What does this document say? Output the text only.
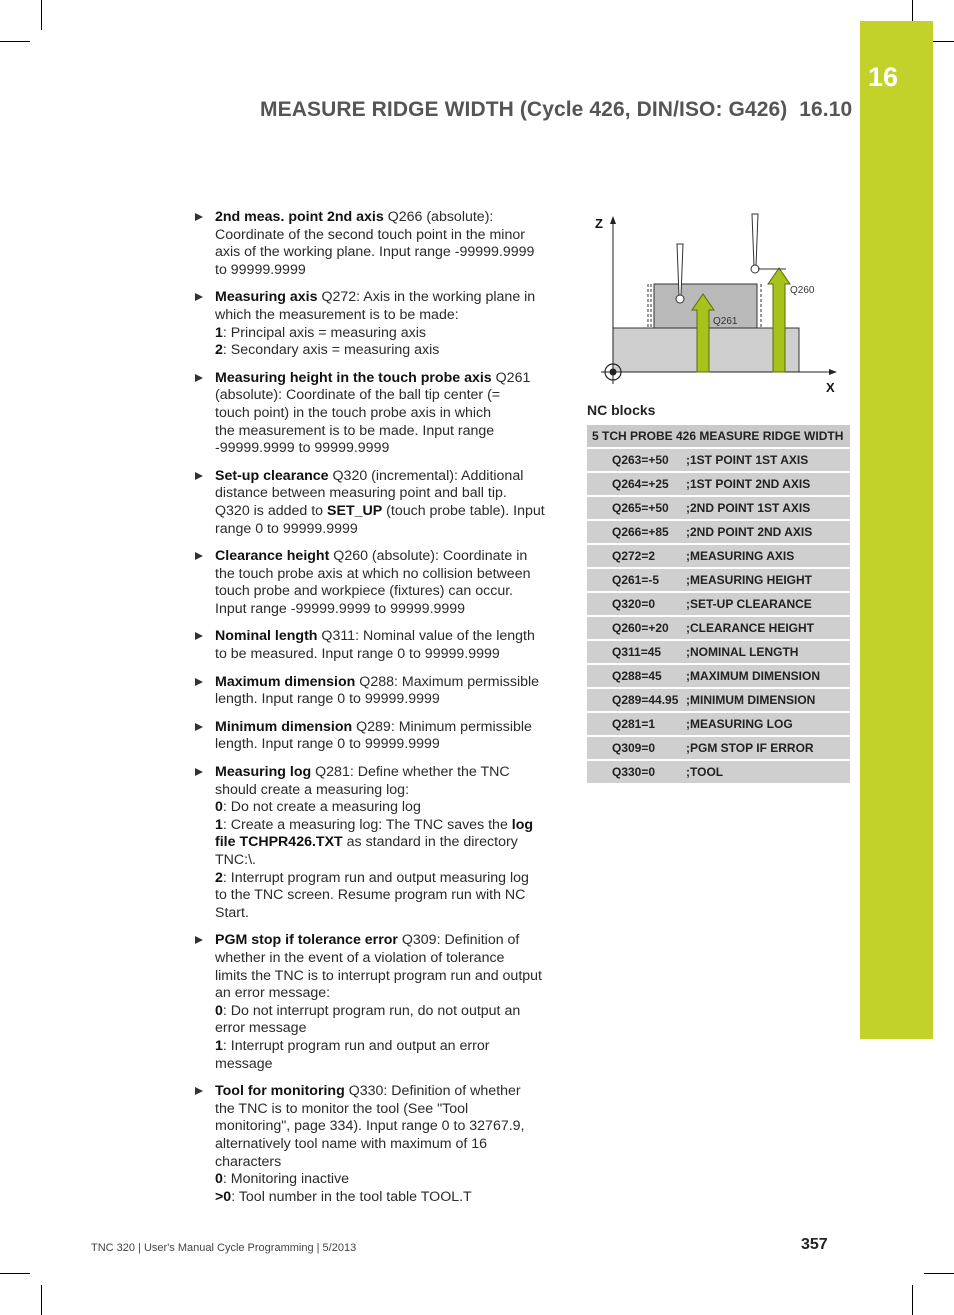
16
MEASURE RIDGE WIDTH (Cycle 426, DIN/ISO: G426) 16.10
2nd meas. point 2nd axis Q266 (absolute):
Coordinate of the second touch point in the minor
axis of the working plane. Input range -99999.9999
to 99999.9999
Measuring axis Q272: Axis in the working plane in
which the measurement is to be made:
1: Principal axis = measuring axis
2: Secondary axis = measuring axis
Measuring height in the touch probe axis Q261
(absolute): Coordinate of the ball tip center (=
touch point) in the touch probe axis in which
the measurement is to be made. Input range
-99999.9999 to 99999.9999
Set-up clearance Q320 (incremental): Additional
distance between measuring point and ball tip.
Q320 is added to SET_UP (touch probe table). Input
range 0 to 99999.9999
Clearance height Q260 (absolute): Coordinate in
the touch probe axis at which no collision between
touch probe and workpiece (fixtures) can occur.
Input range -99999.9999 to 99999.9999
Nominal length Q311: Nominal value of the length
to be measured. Input range 0 to 99999.9999
Maximum dimension Q288: Maximum permissible
length. Input range 0 to 99999.9999
Minimum dimension Q289: Minimum permissible
length. Input range 0 to 99999.9999
Measuring log Q281: Define whether the TNC
should create a measuring log:
0: Do not create a measuring log
1: Create a measuring log: The TNC saves the log
file TCHPR426.TXT as standard in the directory
TNC:\.
2: Interrupt program run and output measuring log
to the TNC screen. Resume program run with NC
Start.
PGM stop if tolerance error Q309: Definition of
whether in the event of a violation of tolerance
limits the TNC is to interrupt program run and output
an error message:
0: Do not interrupt program run, do not output an
error message
1: Interrupt program run and output an error
message
Tool for monitoring Q330: Definition of whether
the TNC is to monitor the tool (See "Tool
monitoring", page 334). Input range 0 to 32767.9,
alternatively tool name with maximum of 16
characters
0: Monitoring inactive
>0: Tool number in the tool table TOOL.T
Z
X
Q261
Q260
NC blocks
5 TCH PROBE 426 MEASURE RIDGE WIDTH
Q263=+50 ;1ST POINT 1ST AXIS
Q264=+25 ;1ST POINT 2ND AXIS
Q265=+50 ;2ND POINT 1ST AXIS
Q266=+85 ;2ND POINT 2ND AXIS
Q272=2	;MEASURING AXIS
Q261=-5 ;MEASURING HEIGHT
Q320=0	;SET-UP CLEARANCE
Q260=+20 ;CLEARANCE HEIGHT
Q311=45 ;NOMINAL LENGTH
Q288=45 ;MAXIMUM DIMENSION
Q289=44.95 ;MINIMUM DIMENSION
Q281=1	;MEASURING LOG
Q309=0	;PGM STOP IF ERROR
Q330=0	;TOOL
TNC 320 | User's Manual Cycle Programming | 5/2013	357
